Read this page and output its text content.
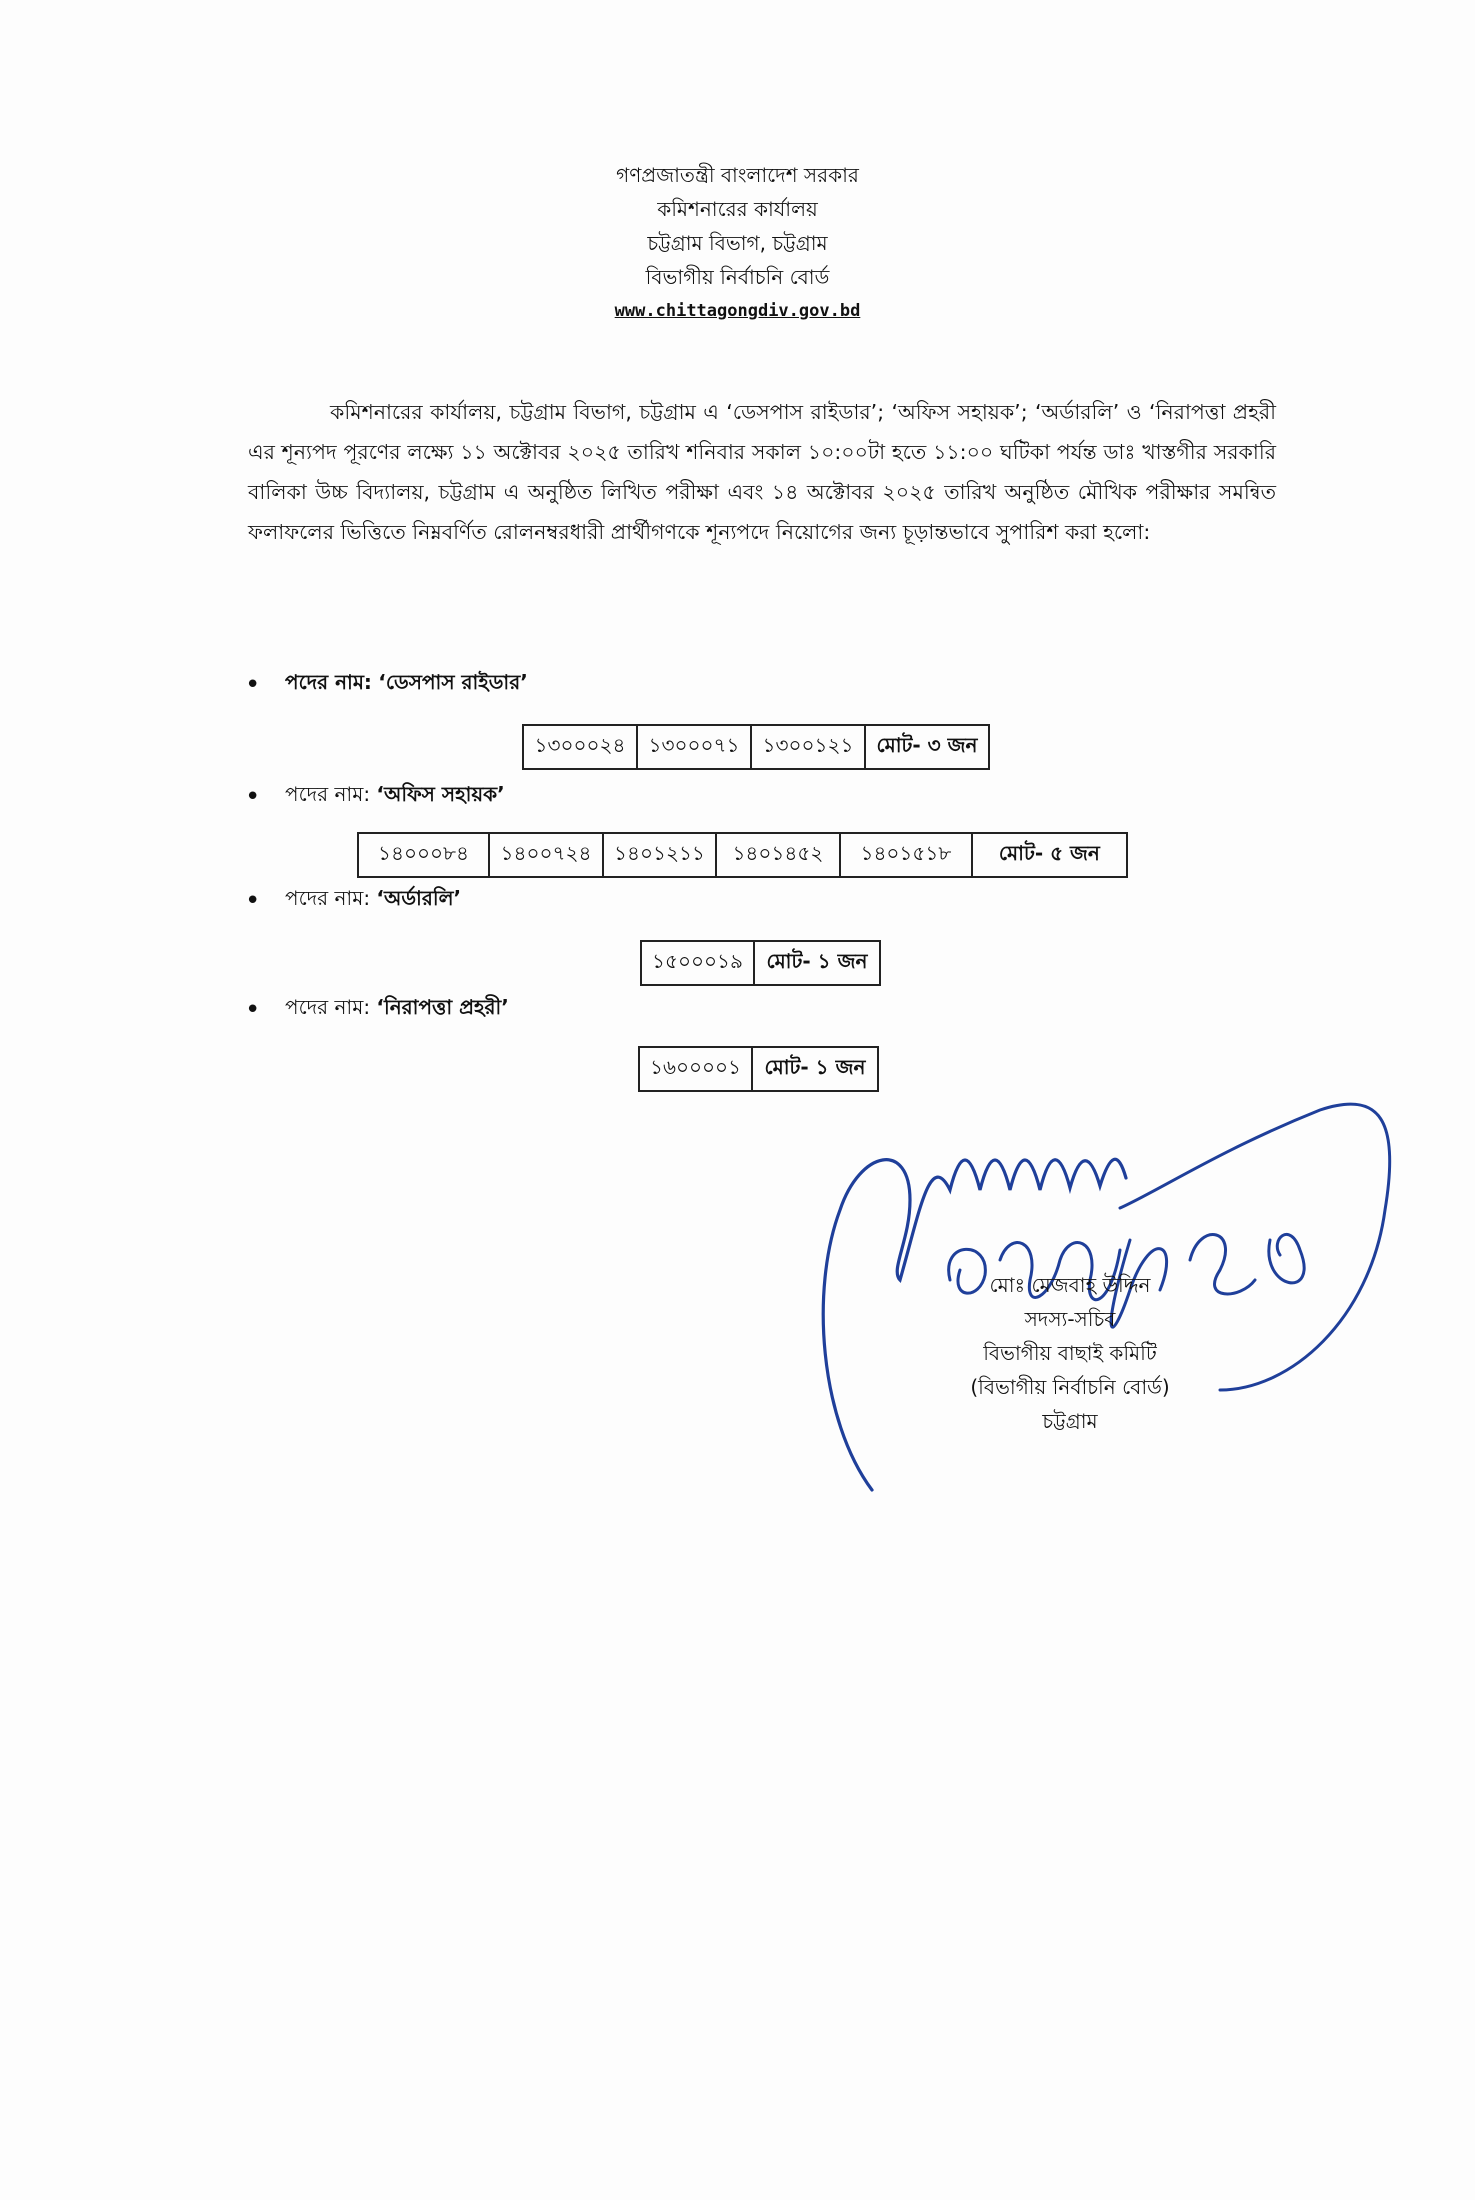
গণপ্রজাতন্ত্রী বাংলাদেশ সরকার
কমিশনারের কার্যালয়
চট্টগ্রাম বিভাগ, চট্টগ্রাম
বিভাগীয় নির্বাচনি বোর্ড
www.chittagongdiv.gov.bd
কমিশনারের কার্যালয়, চট্টগ্রাম বিভাগ, চট্টগ্রাম এ ‘ডেসপাস রাইডার’; ‘অফিস সহায়ক’; ‘অর্ডারলি’ ও ‘নিরাপত্তা প্রহরী এর শূন্যপদ পূরণের লক্ষ্যে ১১ অক্টোবর ২০২৫ তারিখ শনিবার সকাল ১০:০০টা হতে ১১:০০ ঘটিকা পর্যন্ত ডাঃ খাস্তগীর সরকারি বালিকা উচ্চ বিদ্যালয়, চট্টগ্রাম এ অনুষ্ঠিত লিখিত পরীক্ষা এবং ১৪ অক্টোবর ২০২৫ তারিখ অনুষ্ঠিত মৌখিক পরীক্ষার সমন্বিত ফলাফলের ভিত্তিতে নিম্নবর্ণিত রোলনম্বরধারী প্রার্থীগণকে শূন্যপদে নিয়োগের জন্য চূড়ান্তভাবে সুপারিশ করা হলো:
•	পদের নাম:
‘ডেসপাস রাইডার’
১৩০০০২৪	১৩০০০৭১	১৩০০১২১	মোট- ৩ জন
•	পদের নাম:
‘অফিস সহায়ক’
১৪০০০৮৪	১৪০০৭২৪	১৪০১২১১	১৪০১৪৫২	১৪০১৫১৮	মোট- ৫ জন
•	পদের নাম:
‘অর্ডারলি’
১৫০০০১৯	মোট- ১ জন
•	পদের নাম:
‘নিরাপত্তা প্রহরী’
১৬০০০০১	মোট- ১ জন
মোঃ মেজবাহ উদ্দিন
সদস্য-সচিব
বিভাগীয় বাছাই কমিটি
(বিভাগীয় নির্বাচনি বোর্ড)
চট্টগ্রাম
